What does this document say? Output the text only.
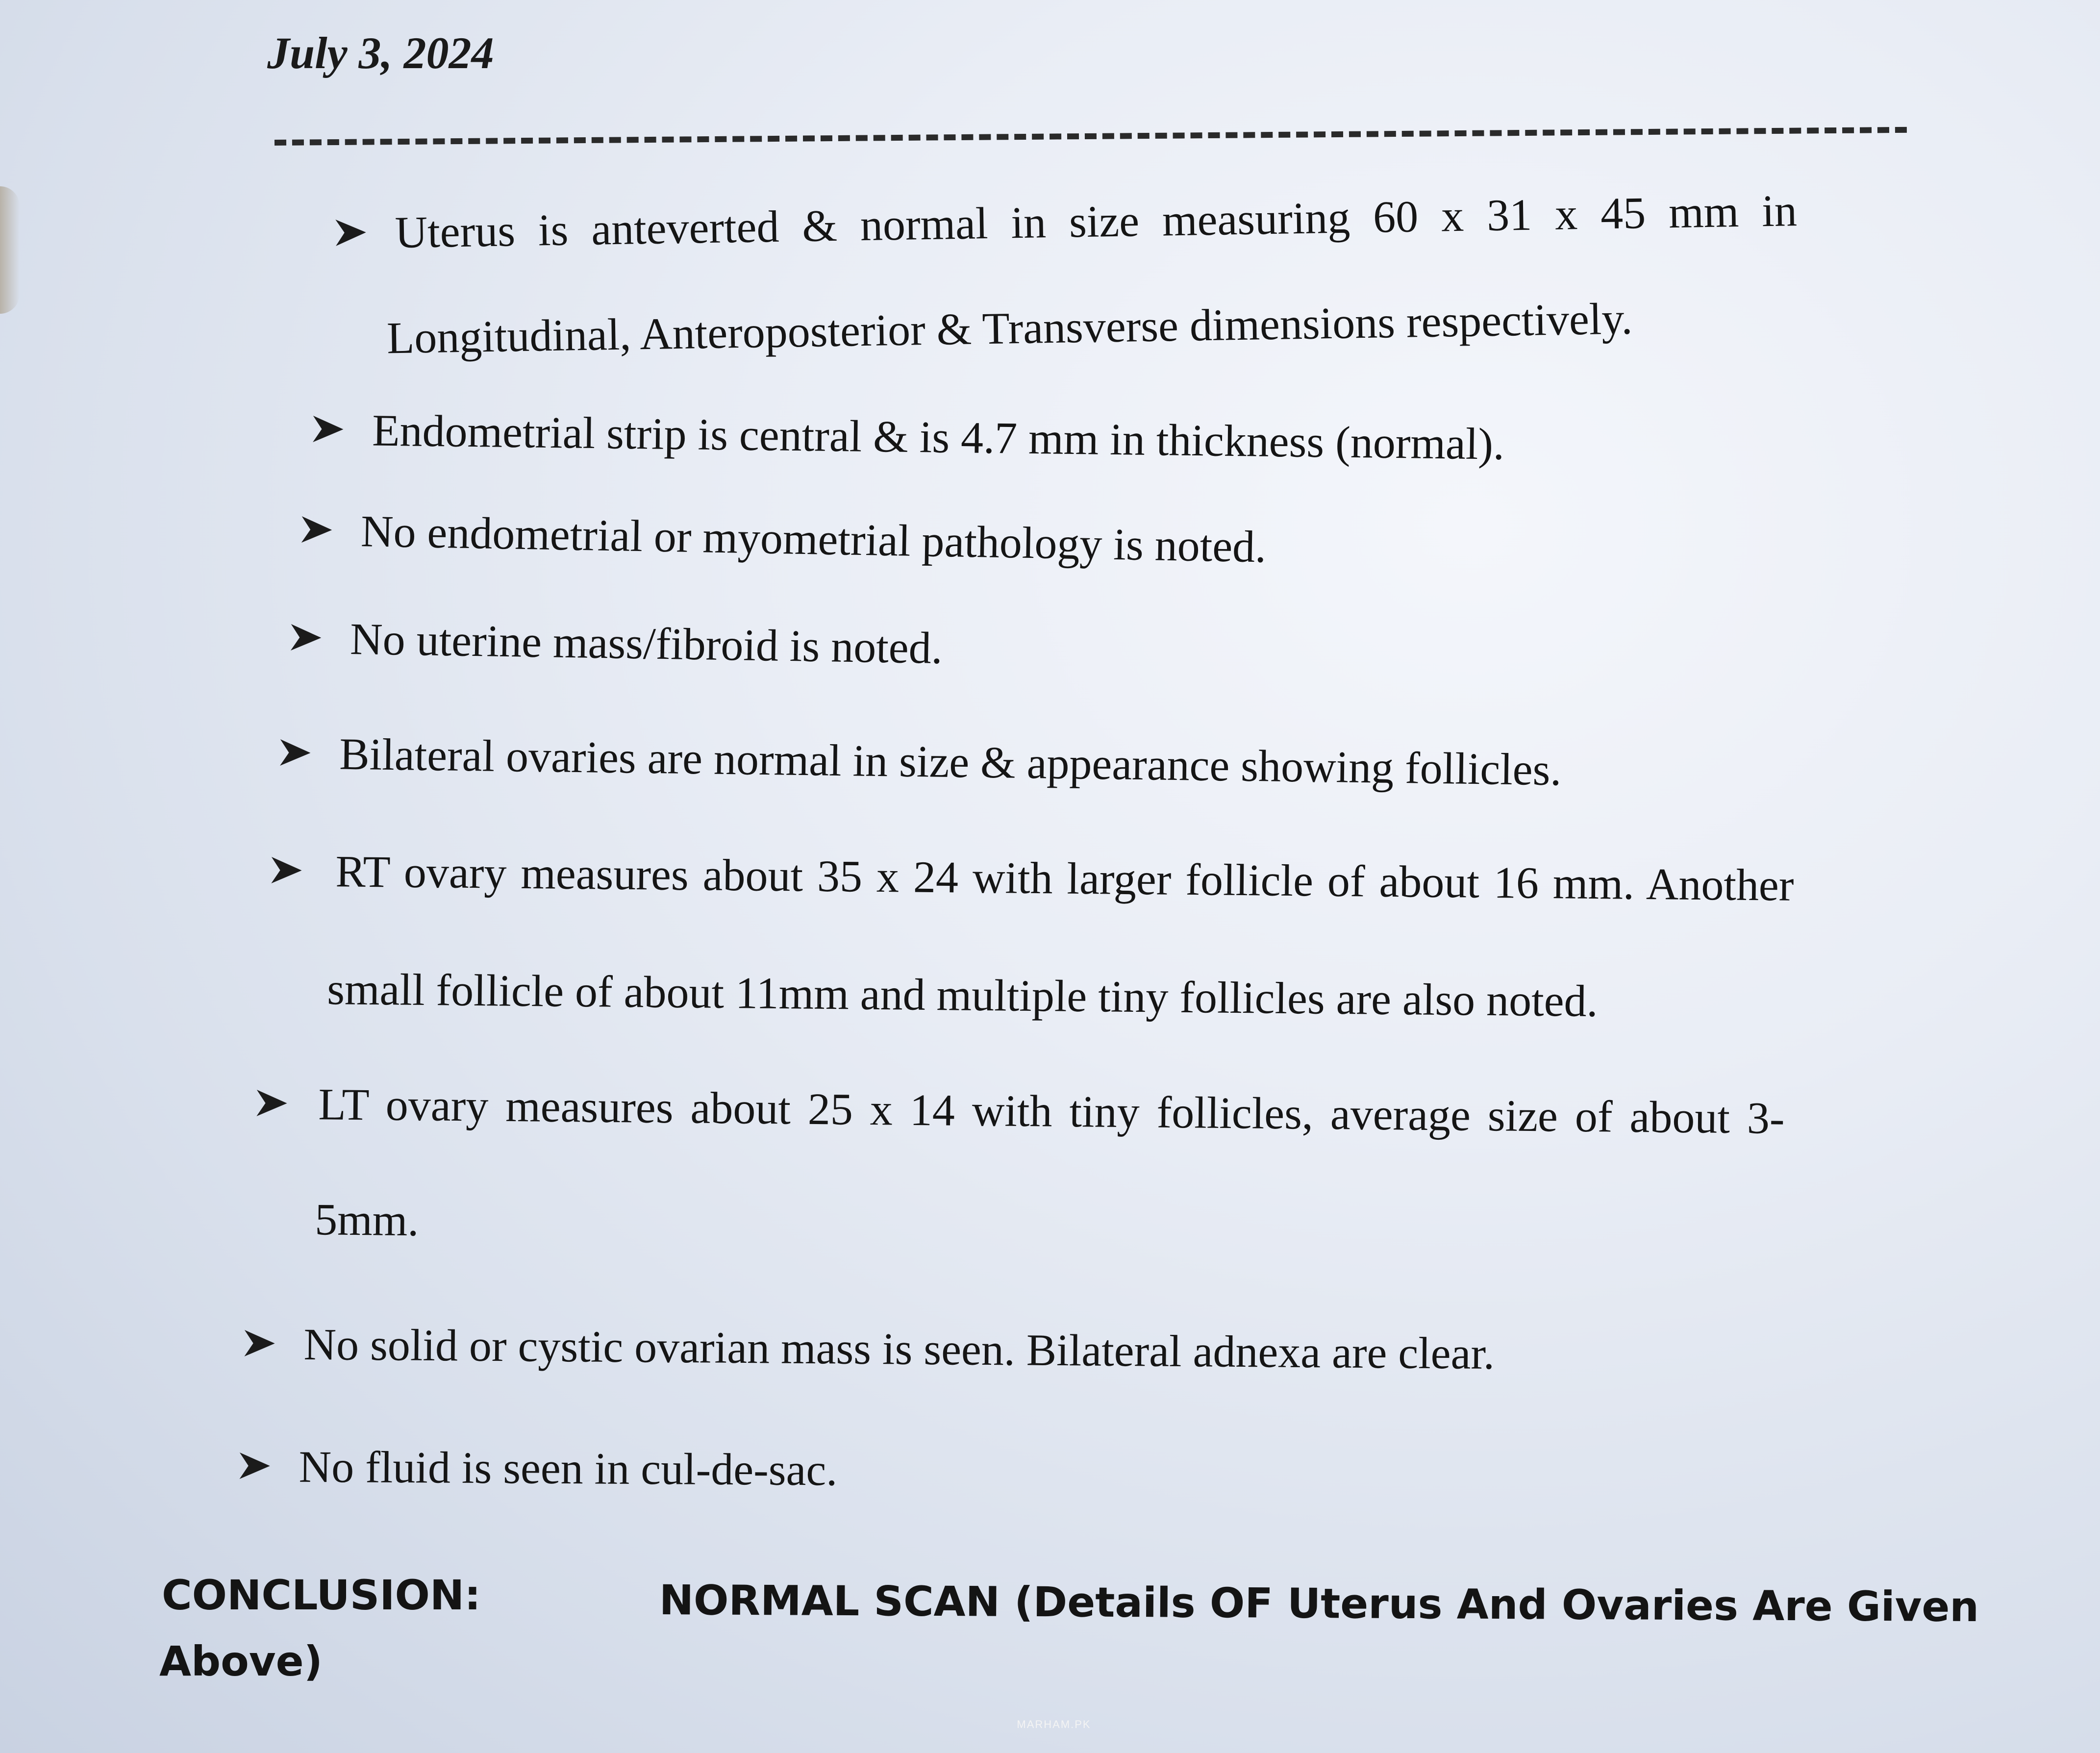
July 3, 2024

Uterus is anteverted & normal in size measuring 60 x 31 x 45 mm in
Longitudinal, Anteroposterior & Transverse dimensions respectively.
Endometrial strip is central & is 4.7 mm in thickness (normal).
No endometrial or myometrial pathology is noted.
No uterine mass/fibroid is noted.
Bilateral ovaries are normal in size & appearance showing follicles.
RT ovary measures about 35 x 24 with larger follicle of about 16 mm. Another
small follicle of about 11mm and multiple tiny follicles are also noted.
LT ovary measures about 25 x 14 with tiny follicles, average size of about 3-
5mm.
No solid or cystic ovarian mass is seen. Bilateral adnexa are clear.
No fluid is seen in cul-de-sac.

CONCLUSION:	NORMAL SCAN (Details OF Uterus And Ovaries Are Given

Above)

MARHAM.PK
